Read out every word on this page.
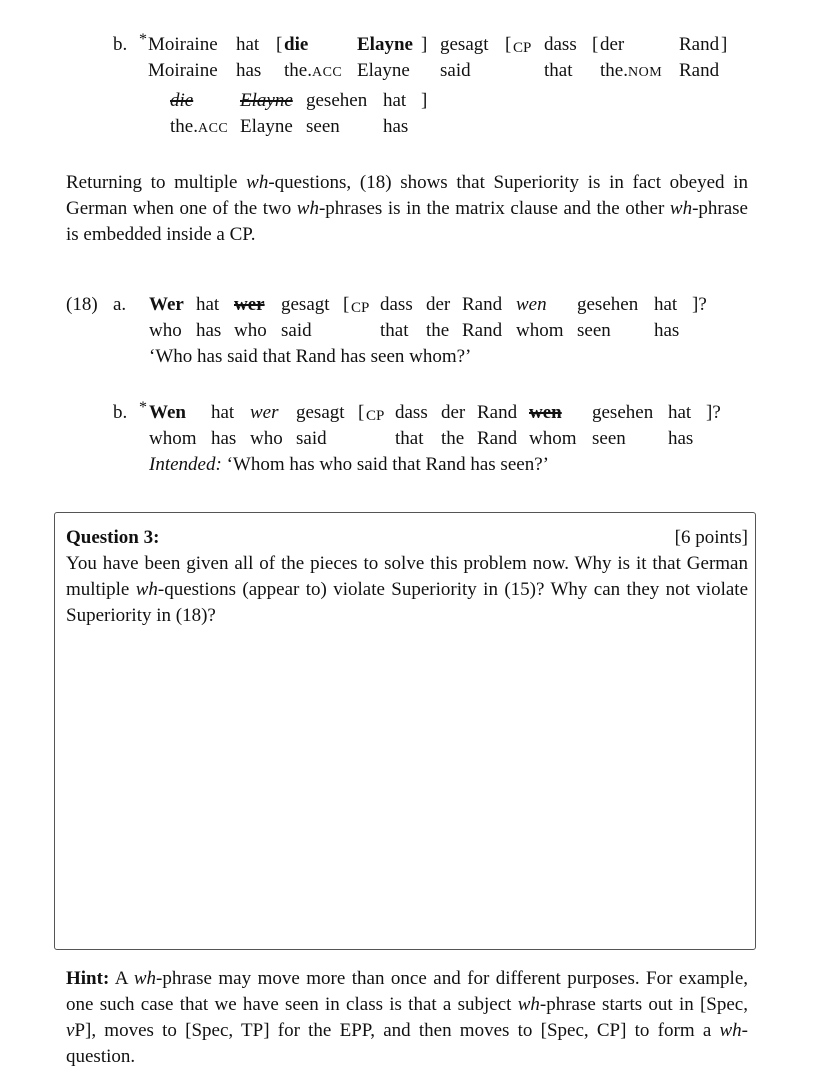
b. * Moiraine hat [ die	Elayne ] gesagt [ CP dass [ der	Rand ]
Moiraine has the.ACC Elayne said	that the.NOM Rand
die Elayne gesehen hat ]
the.ACC Elayne seen has

Returning to multiple wh-questions, (18) shows that Superiority is in fact obeyed in German when one of the two wh-phrases is in the matrix clause and the other wh-phrase is embedded inside a CP.

(18) a. Wer hat wer gesagt [ CP dass der Rand wen gesehen hat ]?
who has who said	that the Rand whom seen has
‘Who has said that Rand has seen whom?’
b. * Wen hat wer gesagt [ CP dass der Rand wen gesehen hat ]?
whom has who said	that the Rand whom seen has
Intended: ‘Whom has who said that Rand has seen?’
Question 3:	[6 points]

You have been given all of the pieces to solve this problem now. Why is it that German multiple wh-questions (appear to) violate Superiority in (15)? Why can they not violate Superiority in (18)?

Hint: A wh-phrase may move more than once and for different purposes. For example, one such case that we have seen in class is that a subject wh-phrase starts out in [Spec, vP], moves to [Spec, TP] for the EPP, and then moves to [Spec, CP] to form a wh-question.
